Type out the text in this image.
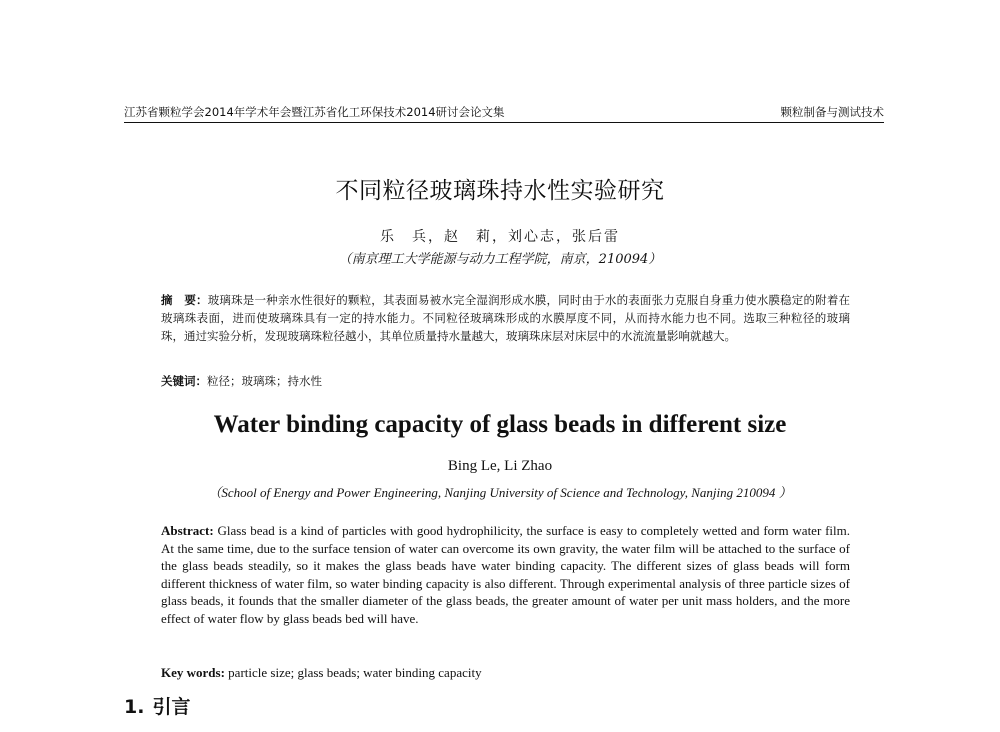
江苏省颗粒学会2014年学术年会暨江苏省化工环保技术2014研讨会论文集	颗粒制备与测试技术
不同粒径玻璃珠持水性实验研究
乐　兵，赵　莉，刘心志，张后雷
（南京理工大学能源与动力工程学院，南京，210094）
摘　要：玻璃珠是一种亲水性很好的颗粒，其表面易被水完全湿润形成水膜，同时由于水的表面张力克服自身重力使水膜稳定的附着在玻璃珠表面，进而使玻璃珠具有一定的持水能力。不同粒径玻璃珠形成的水膜厚度不同，从而持水能力也不同。选取三种粒径的玻璃珠，通过实验分析，发现玻璃珠粒径越小，其单位质量持水量越大，玻璃珠床层对床层中的水流流量影响就越大。
关键词：粒径；玻璃珠；持水性
Water binding capacity of glass beads in different size
Bing Le, Li Zhao
（School of Energy and Power Engineering, Nanjing University of Science and Technology, Nanjing 210094 ）
Abstract: Glass bead is a kind of particles with good hydrophilicity, the surface is easy to completely wetted and form water film. At the same time, due to the surface tension of water can overcome its own gravity, the water film will be attached to the surface of the glass beads steadily, so it makes the glass beads have water binding capacity. The different sizes of glass beads will form different thickness of water film, so water binding capacity is also different. Through experimental analysis of three particle sizes of glass beads, it founds that the smaller diameter of the glass beads, the greater amount of water per unit mass holders, and the more effect of water flow by glass beads bed will have.
Key words: particle size; glass beads; water binding capacity
1. 引言
